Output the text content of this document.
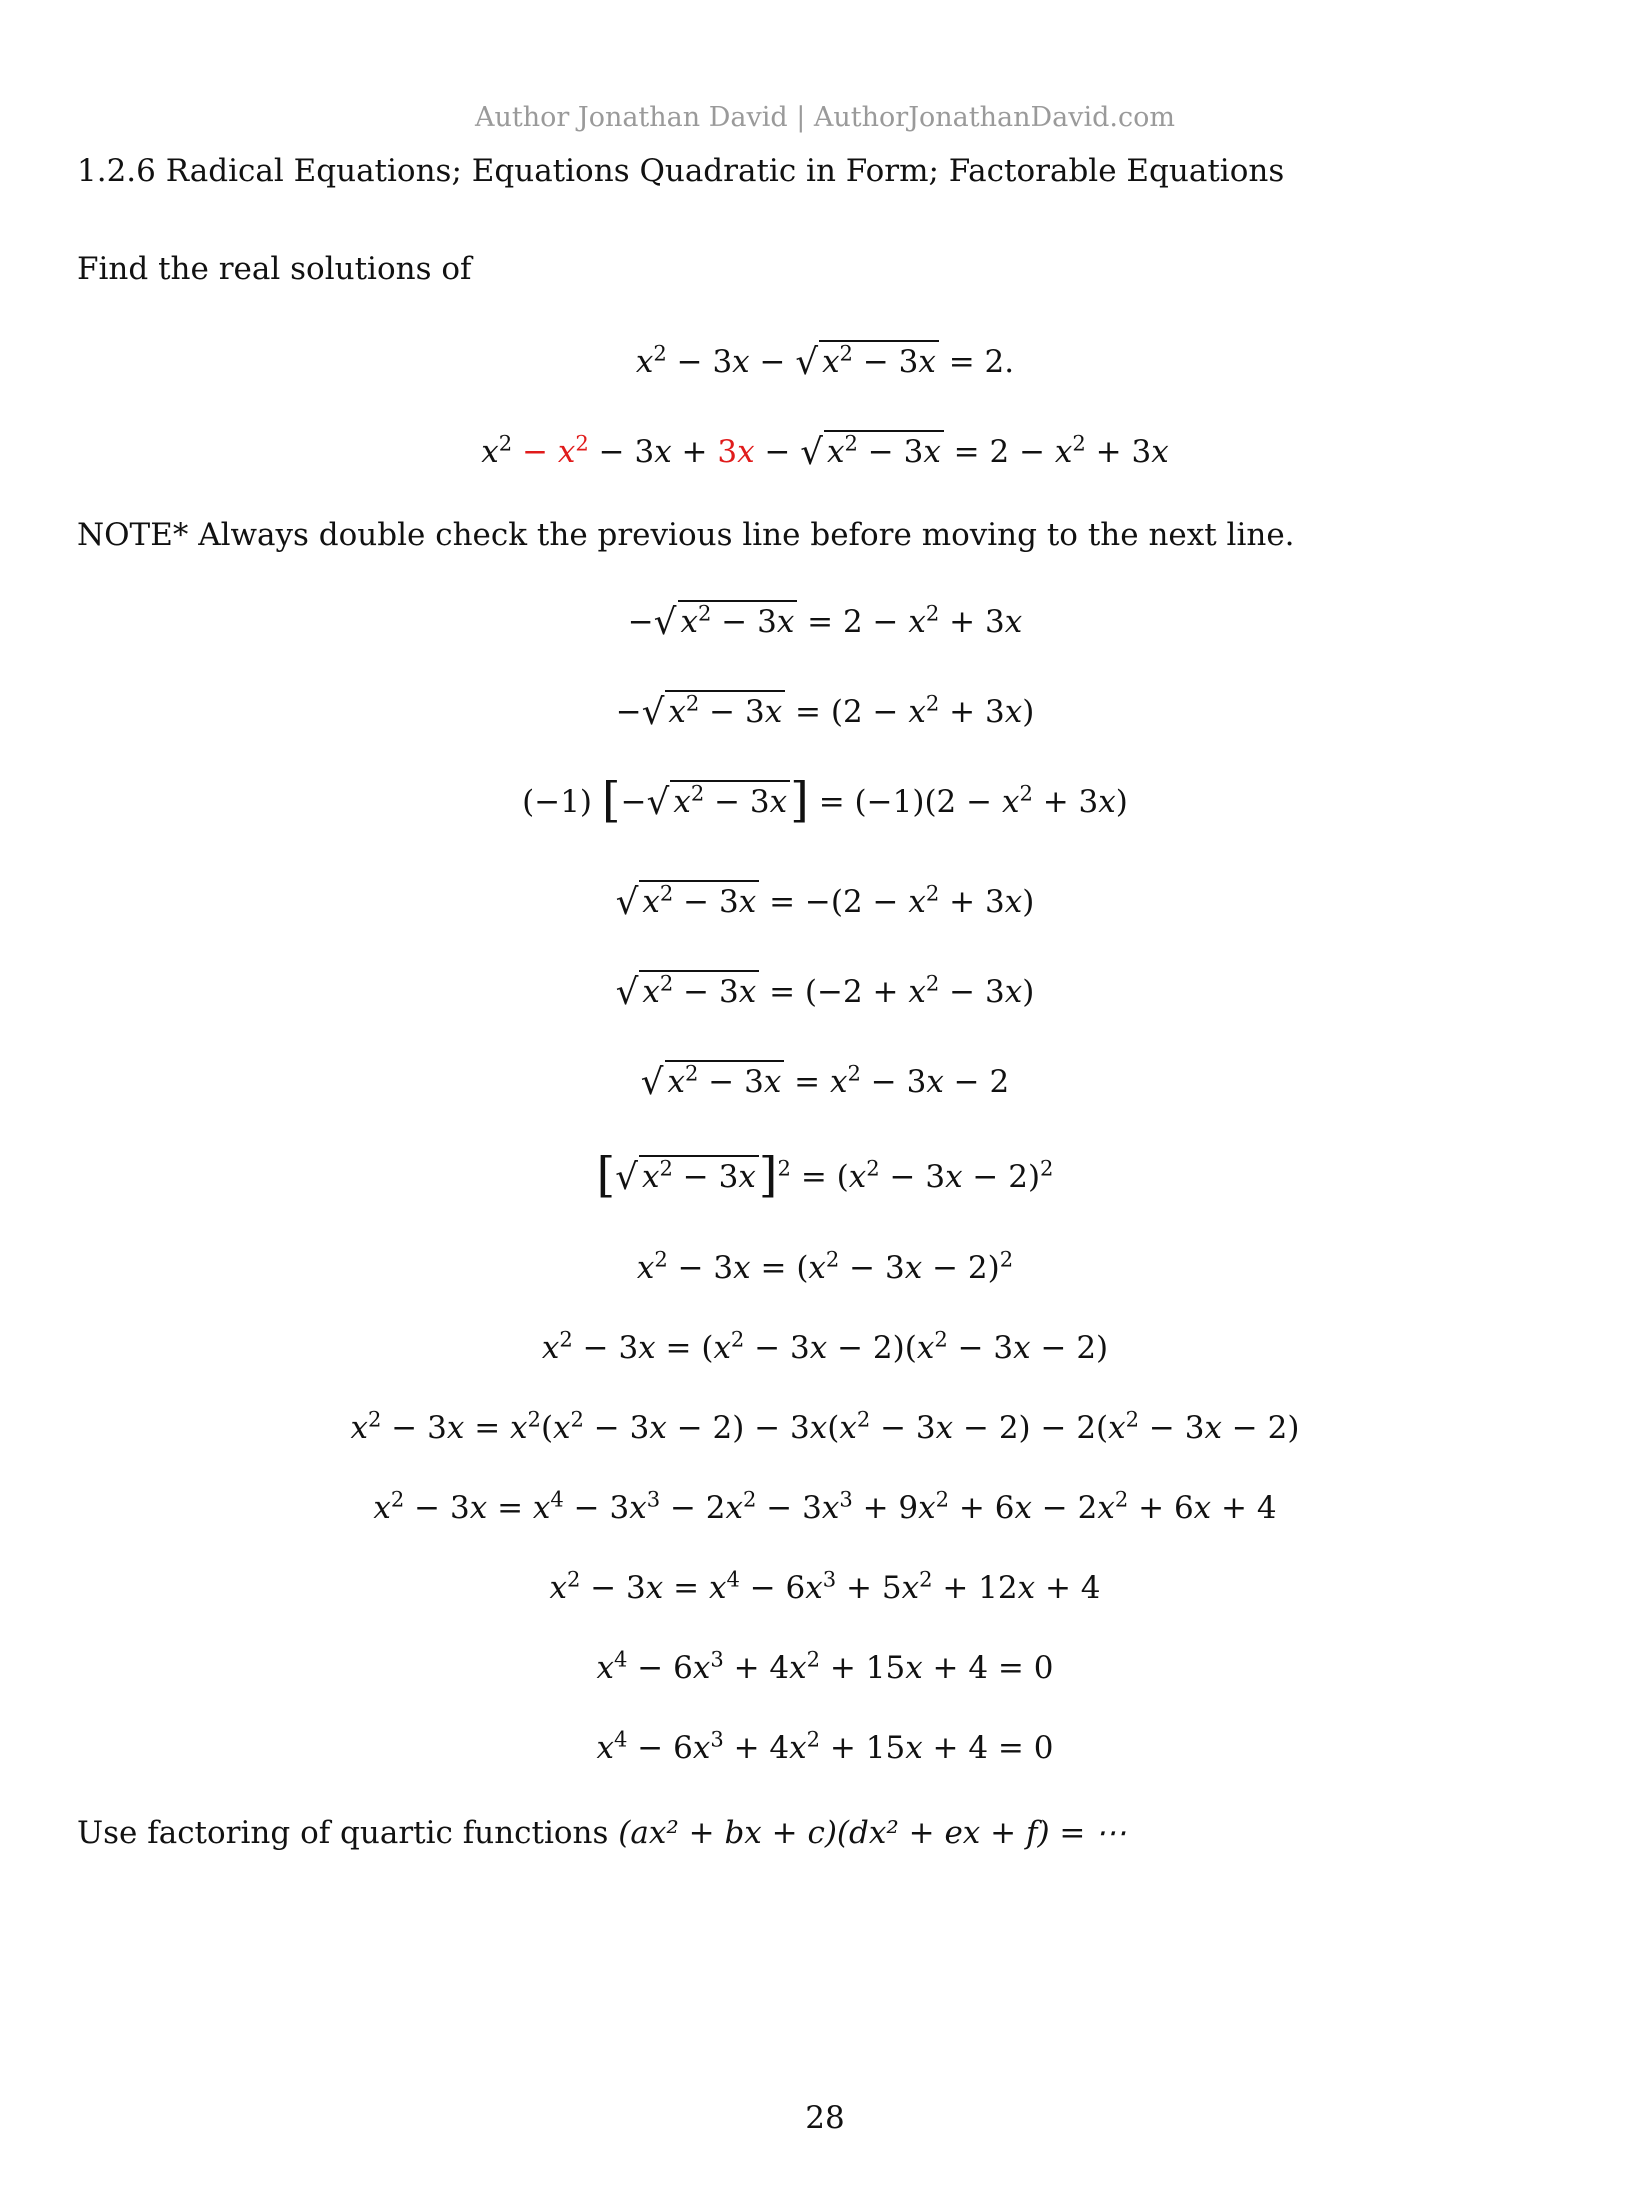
Author Jonathan David | AuthorJonathanDavid.com
1.2.6 Radical Equations; Equations Quadratic in Form; Factorable Equations
Find the real solutions of
$x^2 - 3x$ − √ $x^2 - 3x = 2$.
$x^2 - x^2 - 3x + 3x$ − √ $x^2 - 3x = 2 - x^2 + 3x$
NOTE* Always double check the previous line before moving to the next line.
−√ $x^2 - 3x = 2 - x^2 + 3x$
−√ $x^2 - 3x = (2 - x^2 + 3x)$
(−1) [−√ $x^2 - 3x] = (-1)(2 - x^2 + 3x)$
√ $x^2 - 3x = -(2 - x^2 + 3x)$
√ $x^2 - 3x = (-2 + x^2 - 3x)$
√ $x^2 - 3x = x^2 - 3x - 2$
[√ $x^2 - 3x]^2 = (x^2 - 3x - 2)^2$
$x^2 - 3x = (x^2 - 3x - 2)^2$
$x^2 - 3x = (x^2 - 3x - 2)(x^2 - 3x - 2)$
$x^2 - 3x = x^2(x^2 - 3x - 2) - 3x(x^2 - 3x - 2) - 2(x^2 - 3x - 2)$
$x^2 - 3x = x^4 - 3x^3 - 2x^2 - 3x^3 + 9x^2 + 6x - 2x^2 + 6x + 4$
$x^2 - 3x = x^4 - 6x^3 + 5x^2 + 12x + 4$
$x^4 - 6x^3 + 4x^2 + 15x + 4 = 0$
$x^4 - 6x^3 + 4x^2 + 15x + 4 = 0$
Use factoring of quartic functions (ax² + bx + c)(dx² + ex + f) = ⋯
28
